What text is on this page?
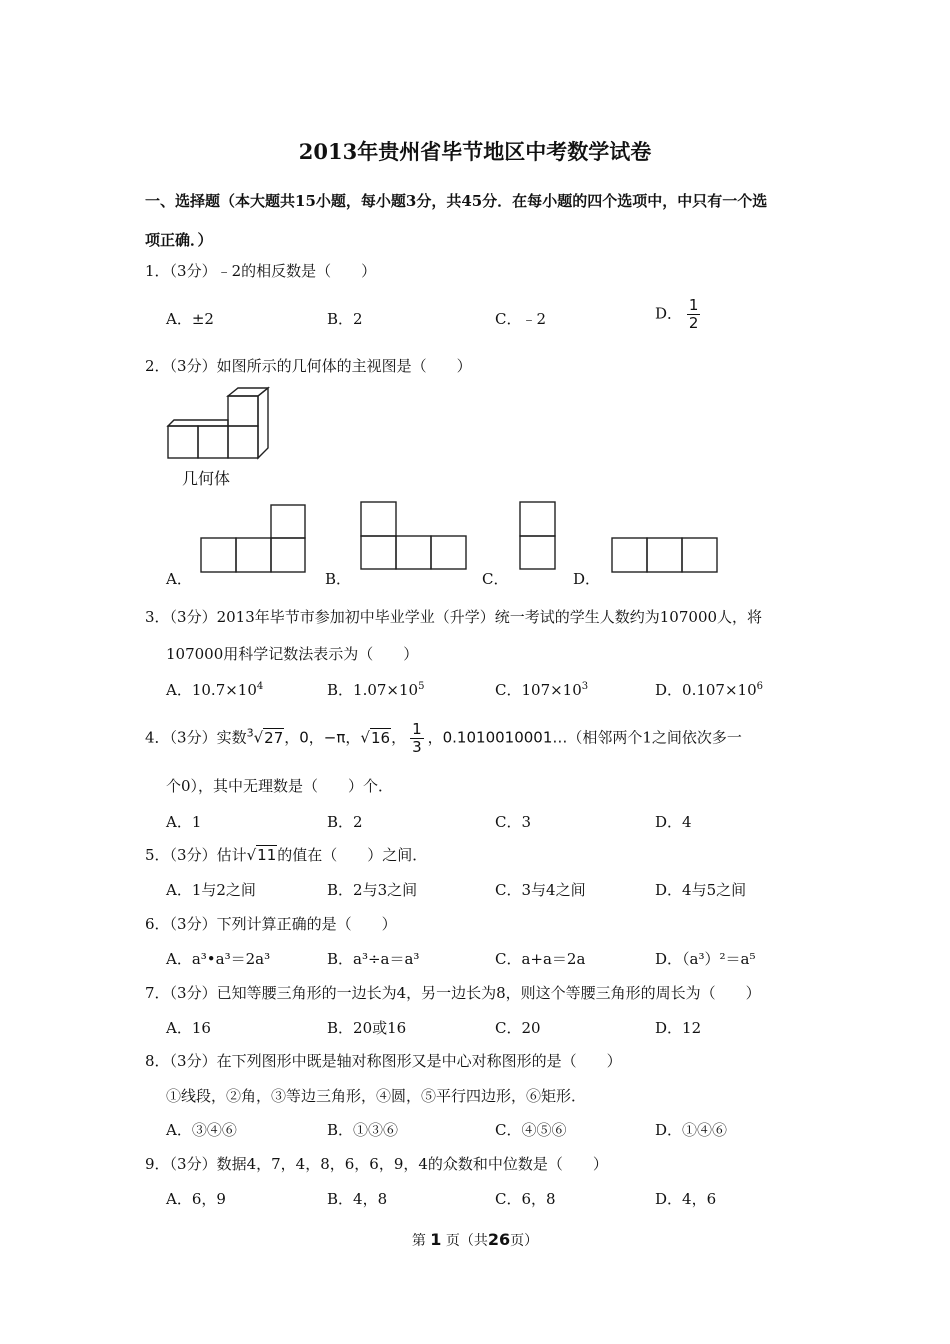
2013年贵州省毕节地区中考数学试卷
一、选择题（本大题共15小题，每小题3分，共45分．在每小题的四个选项中，中只有一个选
项正确．）
1．（3分）﹣2的相反数是（　　）
A．±2	B．2	C．﹣2	D． $\frac{1}{2}$
2．（3分）如图所示的几何体的主视图是（　　）
几何体
A．	B．	C．	D．
3．（3分）2013年毕节市参加初中毕业学业（升学）统一考试的学生人数约为107000人，将
107000用科学记数法表示为（　　）
A．$10.7\times 10^4$	B．$1.07\times 10^5$	C．$107\times 10^3$	D．$0.107\times 10^6$
4．（3分）实数$^3$√27，0，−π，√16， $\frac{1}{3}$ ，0.1010010001…（相邻两个1之间依次多一
个0），其中无理数是（　　）个．
A．1	B．2	C．3	D．4
5．（3分）估计√11的值在（　　）之间．
A．1与2之间	B．2与3之间	C．3与4之间	D．4与5之间
6．（3分）下列计算正确的是（　　）
A．a³•a³＝2a³	B．a³÷a＝a³	C．a+a＝2a	D．（a³）²＝a⁵
7．（3分）已知等腰三角形的一边长为4，另一边长为8，则这个等腰三角形的周长为（　　）
A．16	B．20或16	C．20	D．12
8．（3分）在下列图形中既是轴对称图形又是中心对称图形的是（　　）
①线段，②角，③等边三角形，④圆，⑤平行四边形，⑥矩形．
A．③④⑥	B．①③⑥	C．④⑤⑥	D．①④⑥
9．（3分）数据4，7，4，8，6，6，9，4的众数和中位数是（　　）
A．6，9	B．4，8	C．6，8	D．4，6
第 1 页（共26页）
